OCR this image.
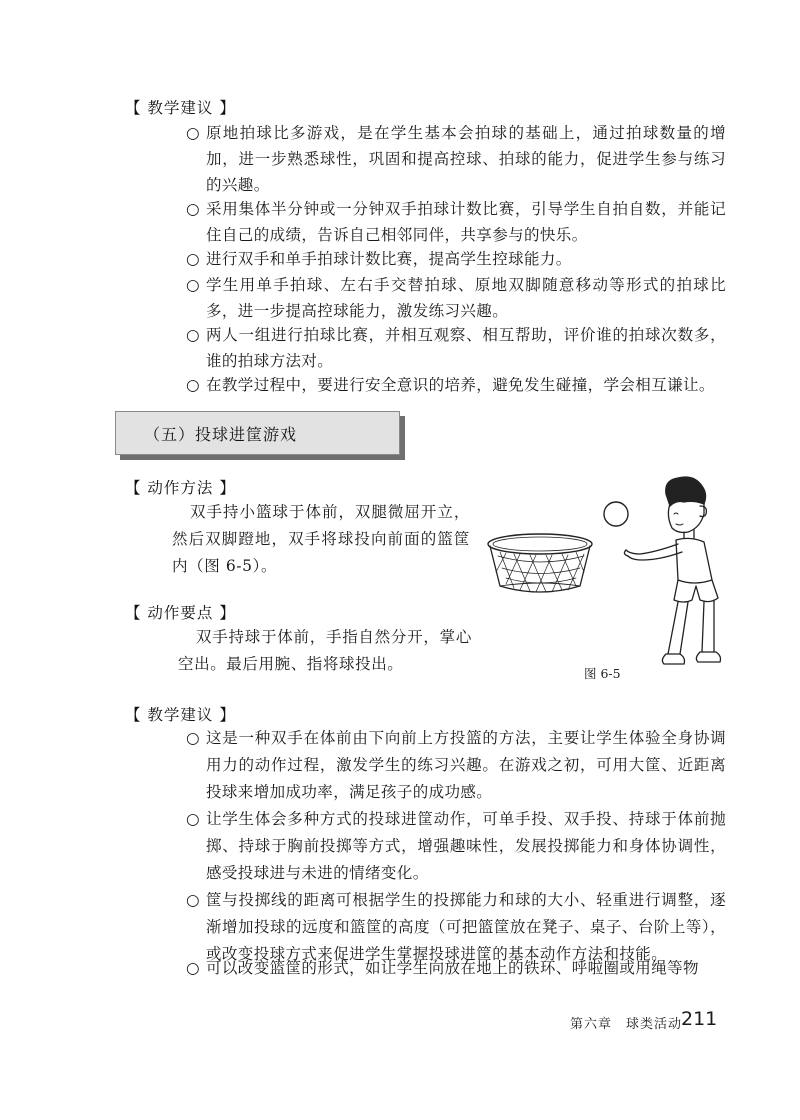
【 教学建议 】
○ 原地拍球比多游戏，是在学生基本会拍球的基础上，通过拍球数量的增加，进一步熟悉球性，巩固和提高控球、拍球的能力，促进学生参与练习的兴趣。
○ 采用集体半分钟或一分钟双手拍球计数比赛，引导学生自拍自数，并能记住自己的成绩，告诉自己相邻同伴，共享参与的快乐。
○ 进行双手和单手拍球计数比赛，提高学生控球能力。
○ 学生用单手拍球、左右手交替拍球、原地双脚随意移动等形式的拍球比多，进一步提高控球能力，激发练习兴趣。
○ 两人一组进行拍球比赛，并相互观察、相互帮助，评价谁的拍球次数多，谁的拍球方法对。
○ 在教学过程中，要进行安全意识的培养，避免发生碰撞，学会相互谦让。
（五）投球进筐游戏
【 动作方法 】
双手持小篮球于体前，双腿微屈开立，然后双脚蹬地，双手将球投向前面的篮筐内（图 6-5）。
【 动作要点 】
双手持球于体前，手指自然分开，掌心空出。最后用腕、指将球投出。
图 6-5
【 教学建议 】
○ 这是一种双手在体前由下向前上方投篮的方法，主要让学生体验全身协调用力的动作过程，激发学生的练习兴趣。在游戏之初，可用大筐、近距离投球来增加成功率，满足孩子的成功感。
○ 让学生体会多种方式的投球进筐动作，可单手投、双手投、持球于体前抛掷、持球于胸前投掷等方式，增强趣味性，发展投掷能力和身体协调性，感受投球进与未进的情绪变化。
○ 筐与投掷线的距离可根据学生的投掷能力和球的大小、轻重进行调整，逐渐增加投球的远度和篮筐的高度（可把篮筐放在凳子、桌子、台阶上等），或改变投球方式来促进学生掌握投球进筐的基本动作方法和技能。
○ 可以改变篮筐的形式，如让学生向放在地上的铁环、呼啦圈或用绳等物
第六章　球类活动
211
